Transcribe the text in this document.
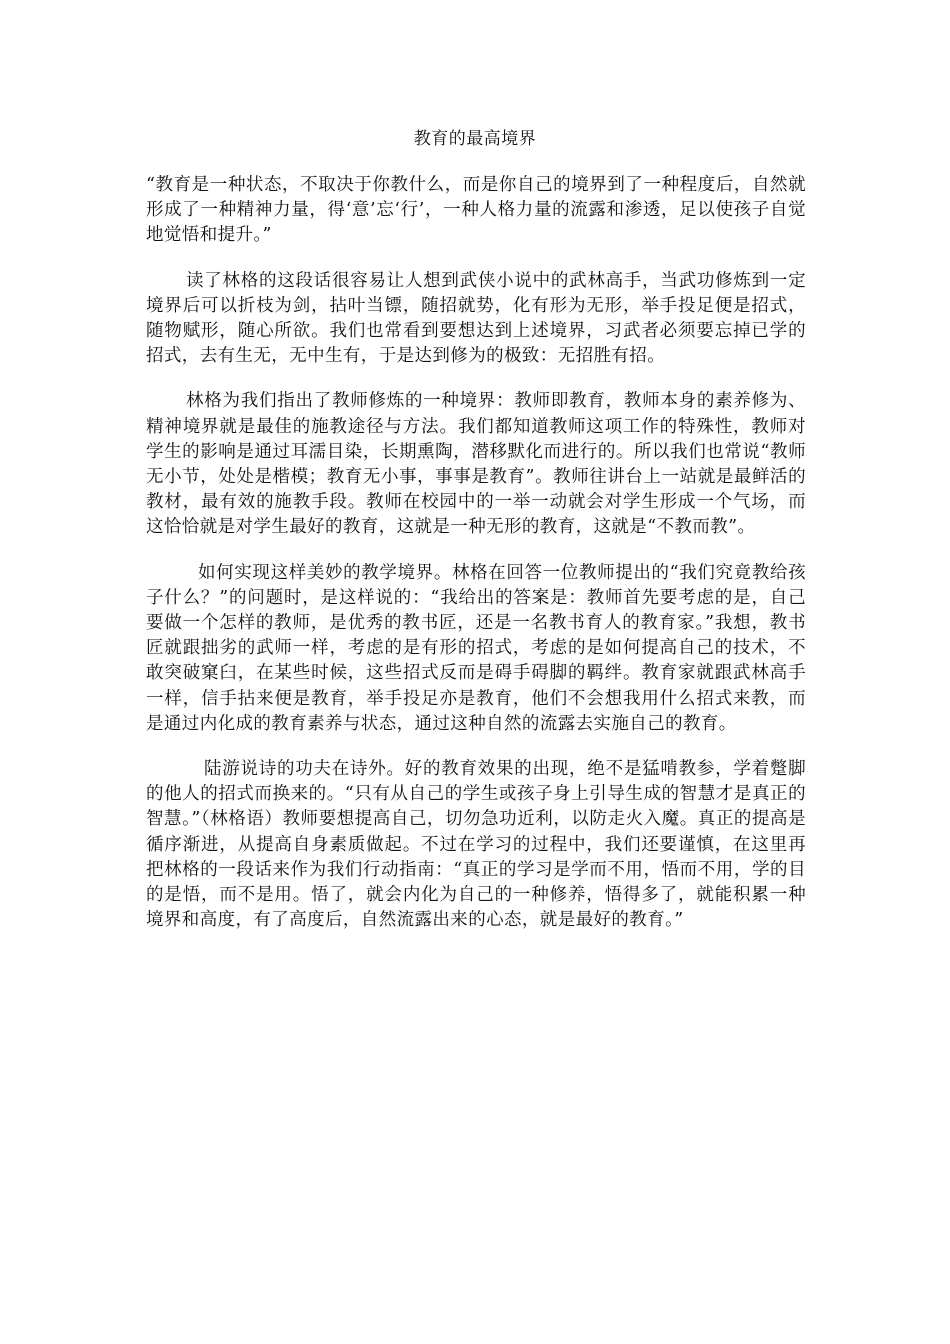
教育的最高境界

“教育是一种状态，不取决于你教什么，而是你自己的境界到了一种程度后，自然就形成了一种精神力量，得‘意’忘‘行’，一种人格力量的流露和渗透，足以使孩子自觉地觉悟和提升。”

读了林格的这段话很容易让人想到武侠小说中的武林高手，当武功修炼到一定境界后可以折枝为剑，拈叶当镖，随招就势，化有形为无形，举手投足便是招式，随物赋形，随心所欲。我们也常看到要想达到上述境界，习武者必须要忘掉已学的招式，去有生无，无中生有，于是达到修为的极致：无招胜有招。

林格为我们指出了教师修炼的一种境界：教师即教育，教师本身的素养修为、精神境界就是最佳的施教途径与方法。我们都知道教师这项工作的特殊性，教师对学生的影响是通过耳濡目染，长期熏陶，潜移默化而进行的。所以我们也常说“教师无小节，处处是楷模；教育无小事，事事是教育”。教师往讲台上一站就是最鲜活的教材，最有效的施教手段。教师在校园中的一举一动就会对学生形成一个气场，而这恰恰就是对学生最好的教育，这就是一种无形的教育，这就是“不教而教”。

如何实现这样美妙的教学境界。林格在回答一位教师提出的“我们究竟教给孩子什么？”的问题时，是这样说的：“我给出的答案是：教师首先要考虑的是，自己要做一个怎样的教师，是优秀的教书匠，还是一名教书育人的教育家。”我想，教书匠就跟拙劣的武师一样，考虑的是有形的招式，考虑的是如何提高自己的技术，不敢突破窠臼，在某些时候，这些招式反而是碍手碍脚的羁绊。教育家就跟武林高手一样，信手拈来便是教育，举手投足亦是教育，他们不会想我用什么招式来教，而是通过内化成的教育素养与状态，通过这种自然的流露去实施自己的教育。

陆游说诗的功夫在诗外。好的教育效果的出现，绝不是猛啃教参，学着蹩脚的他人的招式而换来的。“只有从自己的学生或孩子身上引导生成的智慧才是真正的智慧。”（林格语）教师要想提高自己，切勿急功近利，以防走火入魔。真正的提高是循序渐进，从提高自身素质做起。不过在学习的过程中，我们还要谨慎，在这里再把林格的一段话来作为我们行动指南：“真正的学习是学而不用，悟而不用，学的目的是悟，而不是用。悟了，就会内化为自己的一种修养，悟得多了，就能积累一种境界和高度，有了高度后，自然流露出来的心态，就是最好的教育。”
